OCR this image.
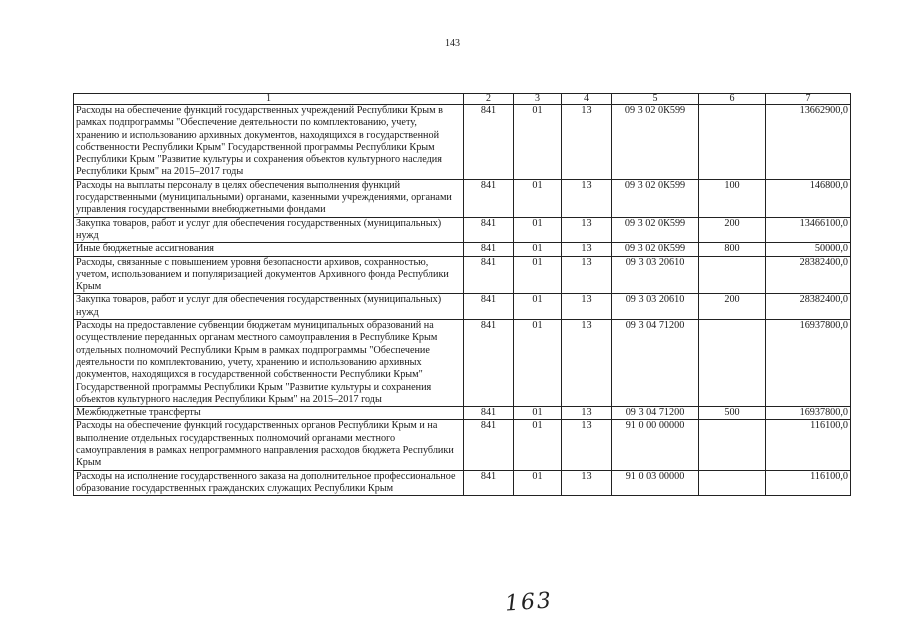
143
1	2	3	4	5	6	7
Расходы на обеспечение функций государственных учреждений Республики Крым в рамках подпрограммы "Обеспечение деятельности по комплектованию, учету, хранению и использованию архивных документов, находящихся в государственной собственности Республики Крым" Государственной программы Республики Крым Республики Крым "Развитие культуры и сохранения объектов культурного наследия Республики Крым" на 2015–2017 годы	841	01	13	09 3 02 0К599		13662900,0
Расходы на выплаты персоналу в целях обеспечения выполнения функций государственными (муниципальными) органами, казенными учреждениями, органами управления государственными внебюджетными фондами	841	01	13	09 3 02 0К599	100	146800,0
Закупка товаров, работ и услуг для обеспечения государственных (муниципальных) нужд	841	01	13	09 3 02 0К599	200	13466100,0
Иные бюджетные ассигнования	841	01	13	09 3 02 0К599	800	50000,0
Расходы, связанные с повышением уровня безопасности архивов, сохранностью, учетом, использованием и популяризацией документов Архивного фонда Республики Крым	841	01	13	09 3 03 20610		28382400,0
Закупка товаров, работ и услуг для обеспечения государственных (муниципальных) нужд	841	01	13	09 3 03 20610	200	28382400,0
Расходы на предоставление субвенции бюджетам муниципальных образований на осуществление переданных органам местного самоуправления в Республике Крым отдельных полномочий Республики Крым в рамках подпрограммы "Обеспечение деятельности по комплектованию, учету, хранению и использованию архивных документов, находящихся в государственной собственности Республики Крым" Государственной программы Республики Крым "Развитие культуры и сохранения объектов культурного наследия Республики Крым" на 2015–2017 годы	841	01	13	09 3 04 71200		16937800,0
Межбюджетные трансферты	841	01	13	09 3 04 71200	500	16937800,0
Расходы на обеспечение функций государственных органов Республики Крым и на выполнение отдельных государственных полномочий органами местного самоуправления в рамках непрограммного направления расходов бюджета Республики Крым	841	01	13	91 0 00 00000		116100,0
Расходы на исполнение государственного заказа на дополнительное профессиональное образование государственных гражданских служащих Республики Крым	841	01	13	91 0 03 00000		116100,0
163
